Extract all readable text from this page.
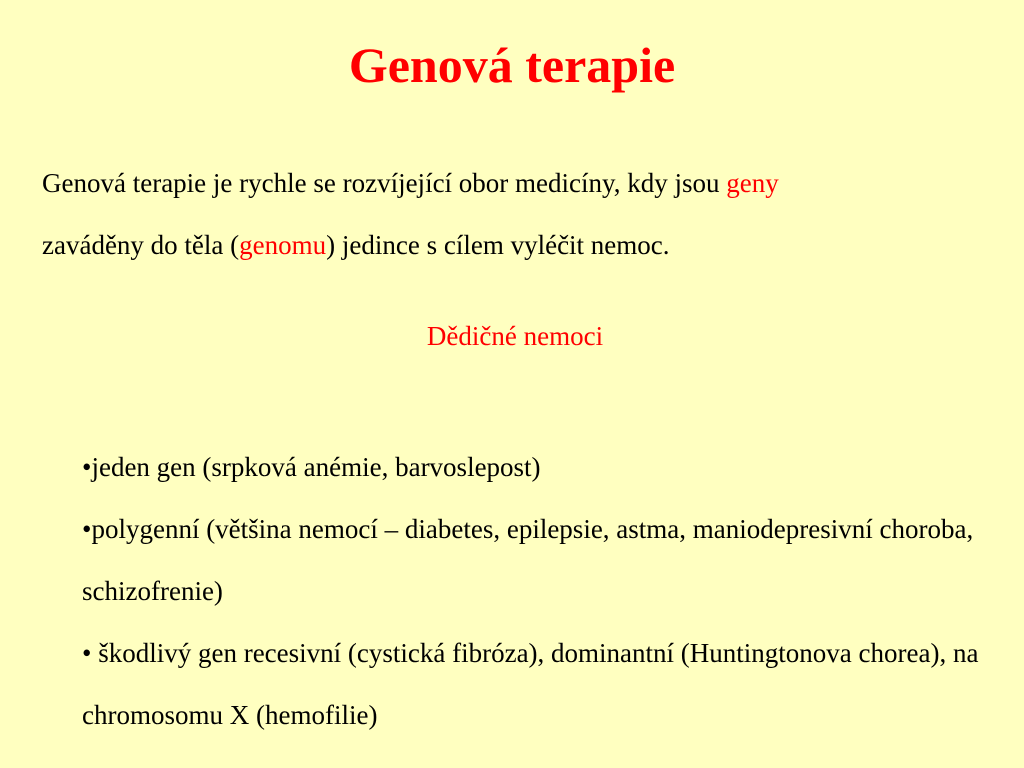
Genová terapie
Genová terapie je rychle se rozvíjející obor medicíny, kdy jsou geny
zaváděny do těla (genomu) jedince s cílem vyléčit nemoc.
Dědičné nemoci
•jeden gen (srpková anémie, barvoslepost)
•polygenní (většina nemocí – diabetes, epilepsie, astma, maniodepresivní choroba, schizofrenie)
• škodlivý gen recesivní (cystická fibróza), dominantní (Huntingtonova chorea), na chromosomu X (hemofilie)
